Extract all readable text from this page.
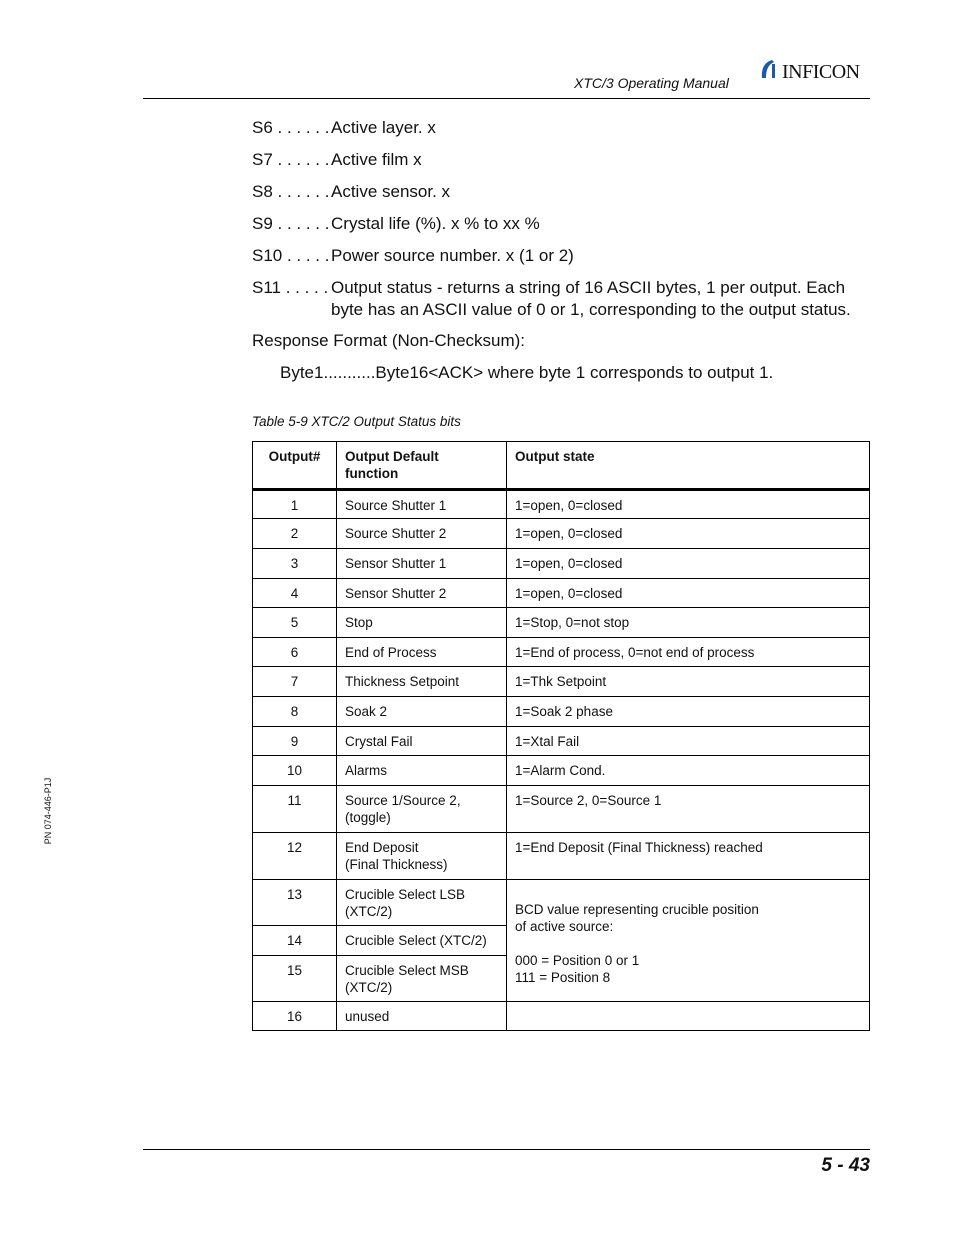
XTC/3 Operating Manual	INFICON
S6 . . . . . . Active layer. x
S7 . . . . . . Active film x
S8 . . . . . . Active sensor. x
S9 . . . . . . Crystal life (%). x % to xx %
S10 . . . . . Power source number. x (1 or 2)
S11 . . . . . Output status - returns a string of 16 ASCII bytes, 1 per output. Each
byte has an ASCII value of 0 or 1, corresponding to the output status.
Response Format (Non-Checksum):
Byte1...........Byte16<ACK> where byte 1 corresponds to output 1.
Table 5-9 XTC/2 Output Status bits
Output#	Output Default function	Output state

1	Source Shutter 1	1=open, 0=closed

2	Source Shutter 2	1=open, 0=closed

3	Sensor Shutter 1	1=open, 0=closed

4	Sensor Shutter 2	1=open, 0=closed

5	Stop	1=Stop, 0=not stop

6	End of Process	1=End of process, 0=not end of process

7	Thickness Setpoint	1=Thk Setpoint

8	Soak 2	1=Soak 2 phase

9	Crystal Fail	1=Xtal Fail

10	Alarms	1=Alarm Cond.

11	Source 1/Source 2,
(toggle)	1=Source 2, 0=Source 1

12	End Deposit
(Final Thickness)	1=End Deposit (Final Thickness) reached

13	Crucible Select LSB
(XTC/2)	BCD value representing crucible position
of active source:

000 = Position 0 or 1
111 = Position 8

14	Crucible Select (XTC/2)	

15	Crucible Select MSB
(XTC/2)	

16	unused	

PN 074-446-P1J
5 - 43
